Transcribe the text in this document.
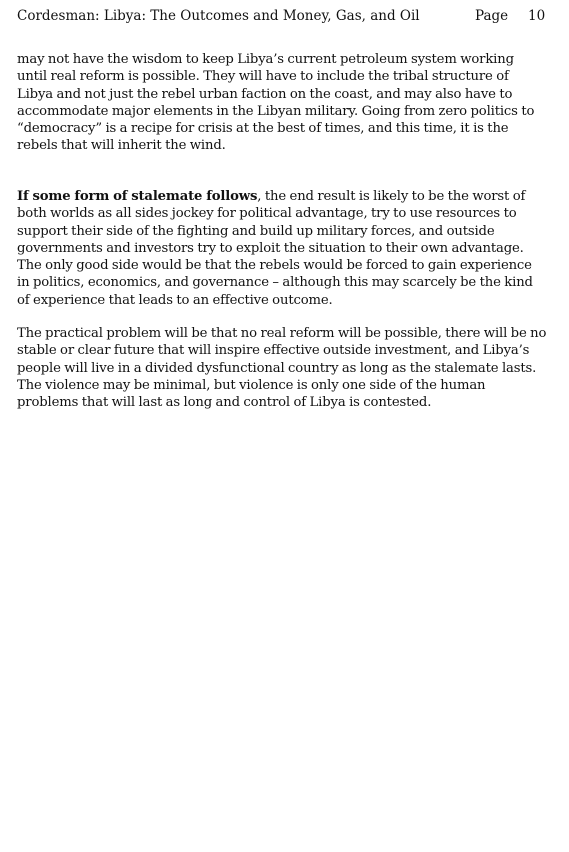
Cordesman: Libya: The Outcomes and Money, Gas, and Oil	Page 10

may not have the wisdom to keep Libya’s current petroleum system working until real reform is possible. They will have to include the tribal structure of Libya and not just the rebel urban faction on the coast, and may also have to accommodate major elements in the Libyan military. Going from zero politics to “democracy” is a recipe for crisis at the best of times, and this time, it is the rebels that will inherit the wind.

If some form of stalemate follows, the end result is likely to be the worst of both worlds as all sides jockey for political advantage, try to use resources to support their side of the fighting and build up military forces, and outside governments and investors try to exploit the situation to their own advantage. The only good side would be that the rebels would be forced to gain experience in politics, economics, and governance – although this may scarcely be the kind of experience that leads to an effective outcome.

The practical problem will be that no real reform will be possible, there will be no stable or clear future that will inspire effective outside investment, and Libya’s people will live in a divided dysfunctional country as long as the stalemate lasts. The violence may be minimal, but violence is only one side of the human problems that will last as long and control of Libya is contested.
